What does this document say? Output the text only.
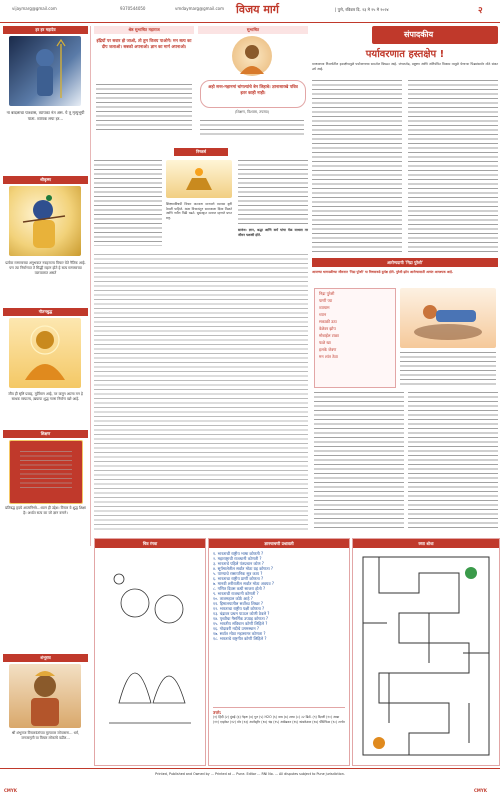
vijaymarg@gmail.com	9370544050	vmdaymarg@gmail.com विजय मार्ग	| पुणे, रविवार दि. २३ मे २५ मे २०२४	२
हर हर महादेव
ना बादलाचा पाश्वास, व्यापका नंत अस. ये तू मृत्युभूयी पाता. व्यापक लया हर...
श्रीकृष्ण
प्रत्येक माणसाच्या अनुभवात नवहराज्य विचार येते नैतिक आहे. पण त्या निर्माणात ते सिद्धी महान होते हे सत्य माणसाच्या वाटचालात असते
गौतमबुद्ध
जीव ही सृष्टि प्रवाह, मूर्तिमान आहे, पर यामुन आत्मा मन हे साधक साफल्य, ख़यापा शुद्ध गाणा निर्माण खरे आहे.
शिक्षण
प्रतिबद्ध हृदये आत्मनिर्भर...ध्यान ही उद्देश। विचार ये शुद्ध शिक्षा है। अर्थात सत्य का जो ज्ञान बनाने।
शंभूराव
श्री शंभूराज विचारवंतांच्या मूल्यावर जोपासना... धर्म, जनजागृती या विचार लोकांचे वडील...
श्रेष्ठ सुभाषित महाराज
इंद्रियों पर सवार हो जाओ, तो तुम विजय पाओगे। मन सत्य का दीप जलाओ। सबको अपनाओ। ज्ञान का मार्ग अपनाओ।
सुभाषित
अहो सन्त-महानमां चांगल्यांचे बेन लिहाबे। ज्ञानासारखे पवित्र इतर काही नाही।
(शिक्षण, विश्वास, तपस्या)
निष्कर्ष
शिक्षणाविषयी विचार करताना मानवाने व्यापक दृष्टी ठेवली पाहिजे. अशा विचारांतून समाजाला दिशा मिळते आणि नवीन पिढी घडते. सुसंस्कृत समाज म्हणजे प्रगत राष्ट्र.
सारांश: ज्ञान, श्रद्धा आणि कर्म यांचा मेळ साधला तर जीवन यशस्वी होते.
संपादकीय
पर्यावरणात हस्तक्षेप !
माणसाच्या निसर्गातील हस्तक्षेपामुळे पर्यावरणाचा समतोल बिघडत आहे. जंगलतोड, प्रदूषण आणि अनियंत्रित विकास यामुळे येणाऱ्या पिढ्यांसमोर मोठे संकट उभे आहे.
आरोग्यदायी 'निद्रा पुरेशी'
आजच्या धावपळीच्या जीवनात 'निद्रा पुरेशी' या विषयाकडे दुर्लक्ष होते. पुरेशी झोप आरोग्यासाठी अत्यंत आवश्यक आहे.
निद्रा पुरेशी
पाणी प्या
व्यायाम
ध्यान
सकाळी उठा
वेळेवर झोप
मोबाईल टाळा
फळे खा
हलके जेवण
मन शांत ठेवा
चित्र रंगवा	ज्ञानचाचणी प्रश्नावली
१. भारताची राष्ट्रीय भाषा कोणती ?
२. महाराष्ट्राची राजधानी कोणती ?
३. भारताचे पहिले पंतप्रधान कोण ?
४. सूर्यमालेतील सर्वात मोठा ग्रह कोणता ?
५. पाण्याचे रासायनिक सूत्र काय ?
६. भारताचा राष्ट्रीय प्राणी कोणता ?
७. मानवी शरीरातील सर्वात मोठा अवयव ?
८. गणित दिवस कधी साजरा होतो ?
९. भारताची राजधानी कोणती ?
१०. ताजमहाल कोठे आहे ?
११. हिमालयातील सर्वोच्च शिखर ?
१२. भारताचा राष्ट्रीय पक्षी कोणता ?
१३. चंद्रावर प्रथम पाऊल कोणी ठेवले ?
१४. पृथ्वीचा नैसर्गिक उपग्रह कोणता ?
१५. भारतीय संविधान कोणी लिहिले ?
१६. गोदावरी नदीचे उगमस्थान ?
१७. सर्वात मोठा महासागर कोणता ?
१८. भारताचे राष्ट्रगीत कोणी लिहिले ?
उत्तरे:
(१) हिंदी (२) मुंबई (३) नेहरू (४) गुरु (५) H2O (६) वाघ (७) त्वचा (८) २२ डिसें. (९) दिल्ली (१०) आग्रा (११) एव्हरेस्ट (१२) मोर (१३) आर्मस्ट्राँग (१४) चंद्र (१५) आंबेडकर (१६) त्र्यंबकेश्वर (१७) पॅसिफिक (१८) टागोर
रस्ता शोधा
Printed, Published and Owned by ... Printed at ... Pune. Editor ... RNI No. ... All disputes subject to Pune jurisdiction.
CMYK	CMYK
